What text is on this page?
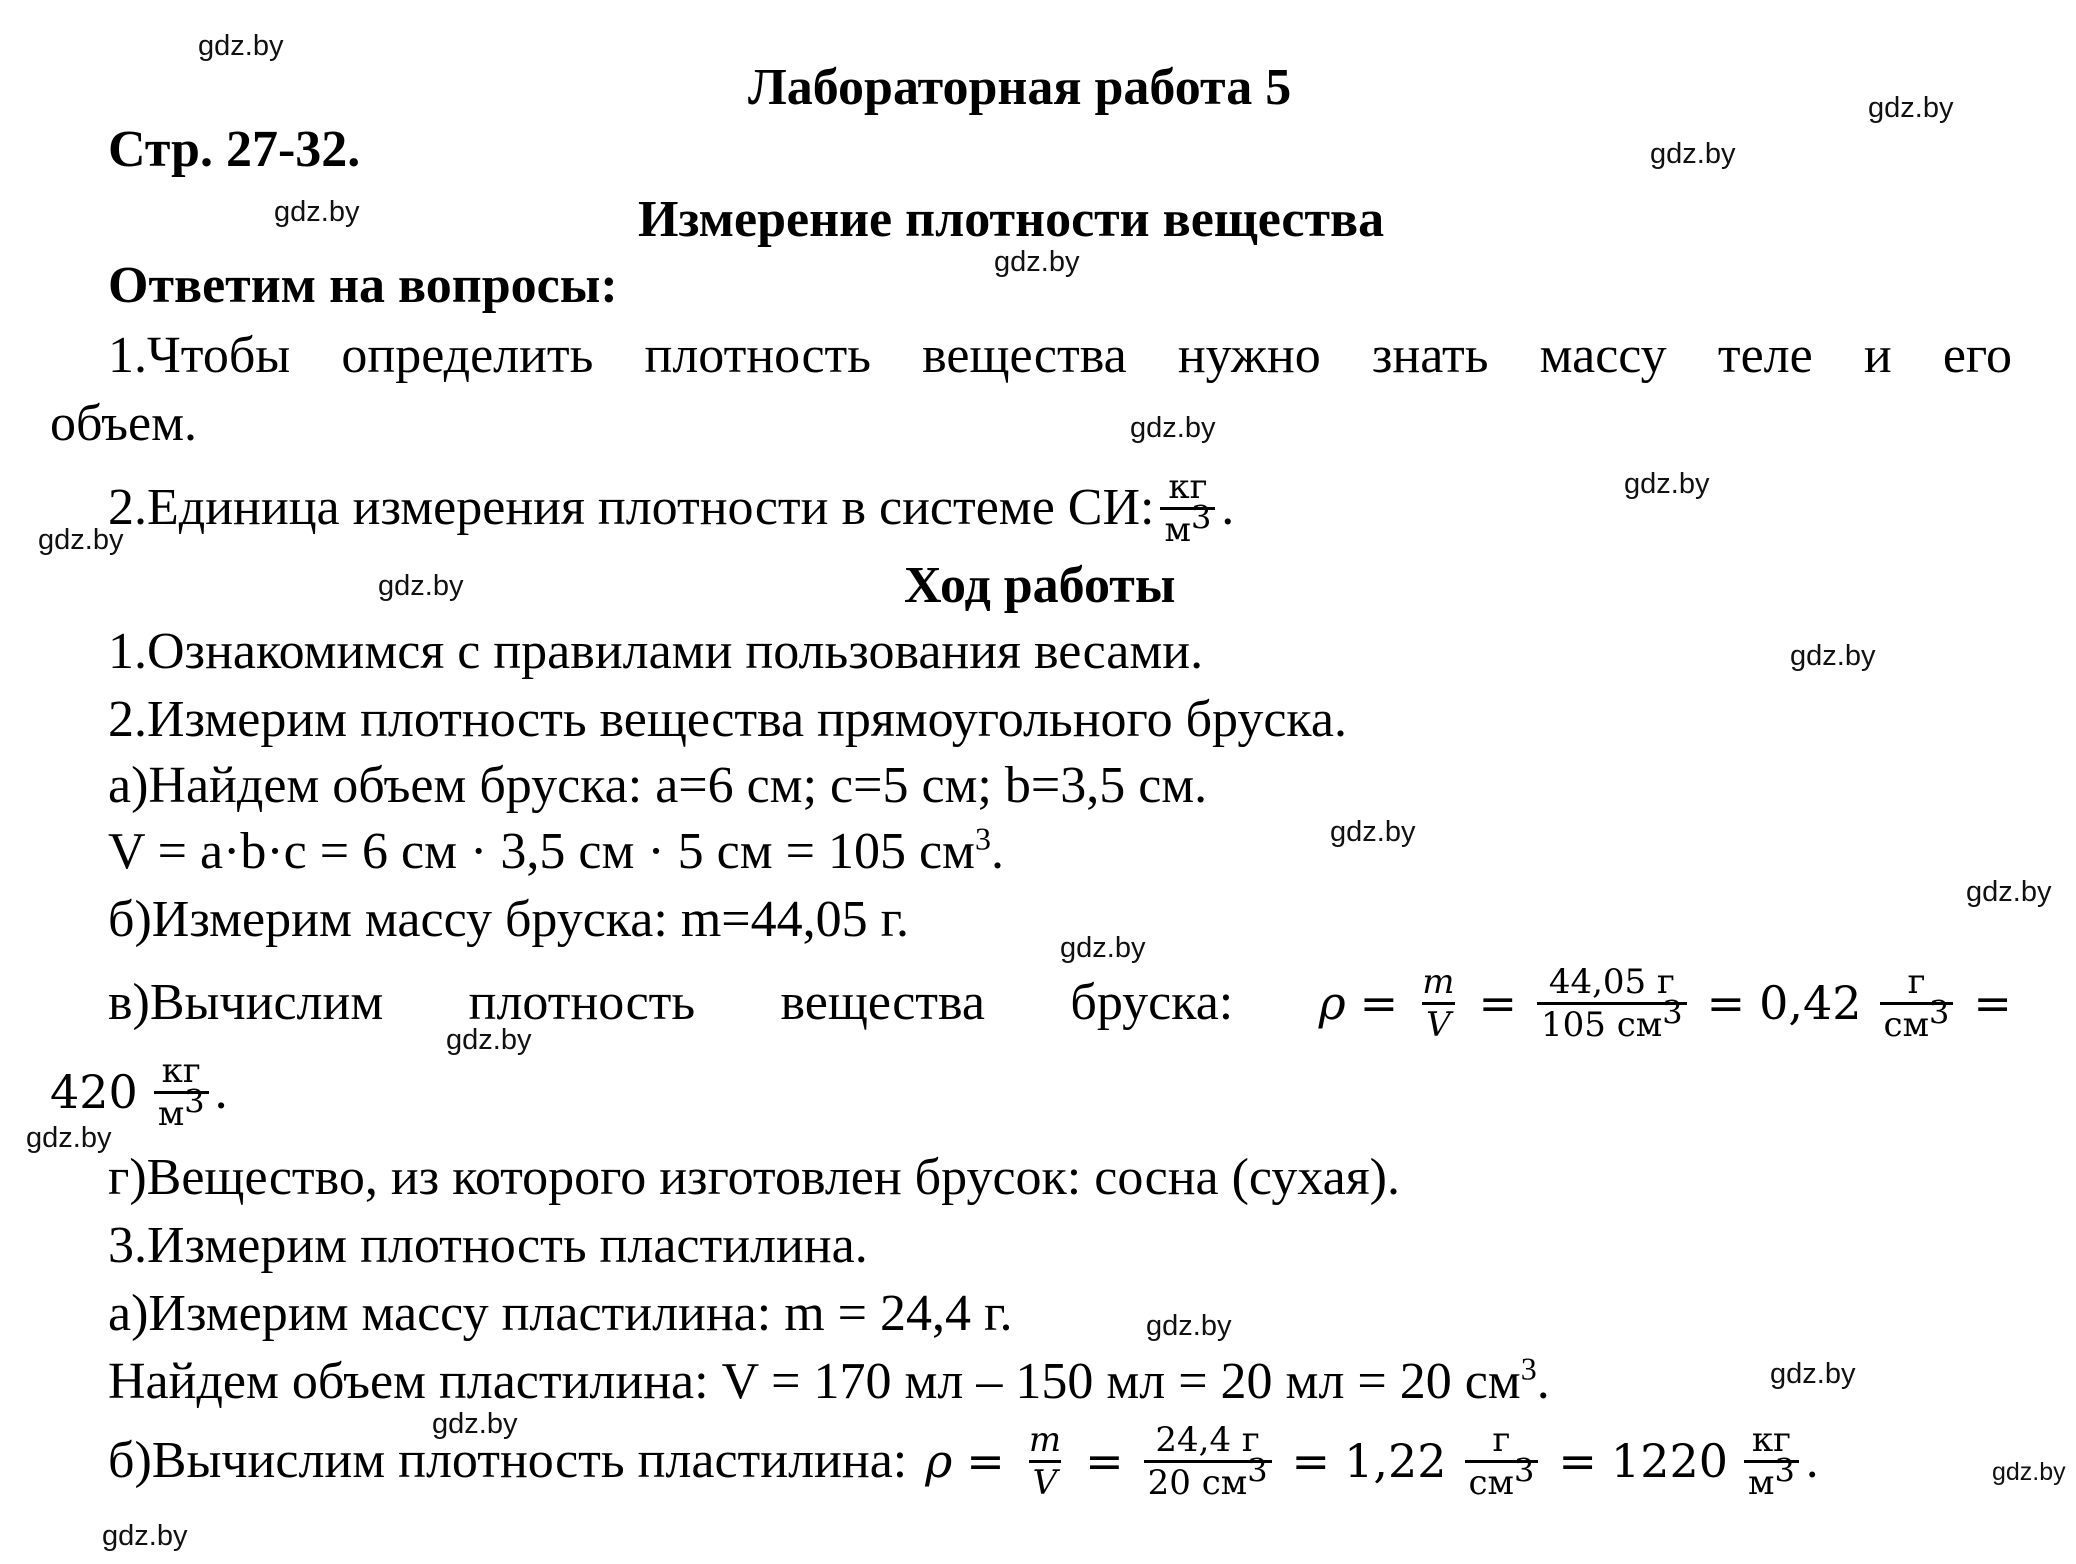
Лабораторная работа 5
Стр. 27-32.
Измерение плотности вещества
Ответим на вопросы:
1.Чтобы определить плотность вещества нужно знать массу теле и его
объем.
2.Единица измерения плотности в системе СИ: $\frac{кг}{м^3}$ .
Ход работы
1.Ознакомимся с правилами пользования весами.
2.Измерим плотность вещества прямоугольного бруска.
а)Найдем объем бруска: a=6 см; c=5 см; b=3,5 см.
V = a·b·c = 6 см · 3,5 см · 5 см = 105 $см^3$.
б)Измерим массу бруска: m=44,05 г.
в)Вычислим плотность вещества бруска: $\rho = \frac{m}{V} = \frac{44,05 г}{105 см^3} = 0,42 \frac{г}{см^3}$ =
$420 \frac{кг}{м^3}$ .
г)Вещество, из которого изготовлен брусок: сосна (сухая).
3.Измерим плотность пластилина.
а)Измерим массу пластилина: m = 24,4 г.
Найдем объем пластилина: V = 170 мл – 150 мл = 20 мл = 20 $см^3$.
б)Вычислим плотность пластилина: $\rho = \frac{m}{V} = \frac{24,4 г}{20 см^3} = 1,22 \frac{г}{см^3} = 1220 \frac{кг}{м^3}$ .
gdz.by
gdz.by
gdz.by
gdz.by
gdz.by
gdz.by
gdz.by
gdz.by
gdz.by
gdz.by
gdz.by
gdz.by
gdz.by
gdz.by
gdz.by
gdz.by
gdz.by
gdz.by
gdz.by
gdz.by
